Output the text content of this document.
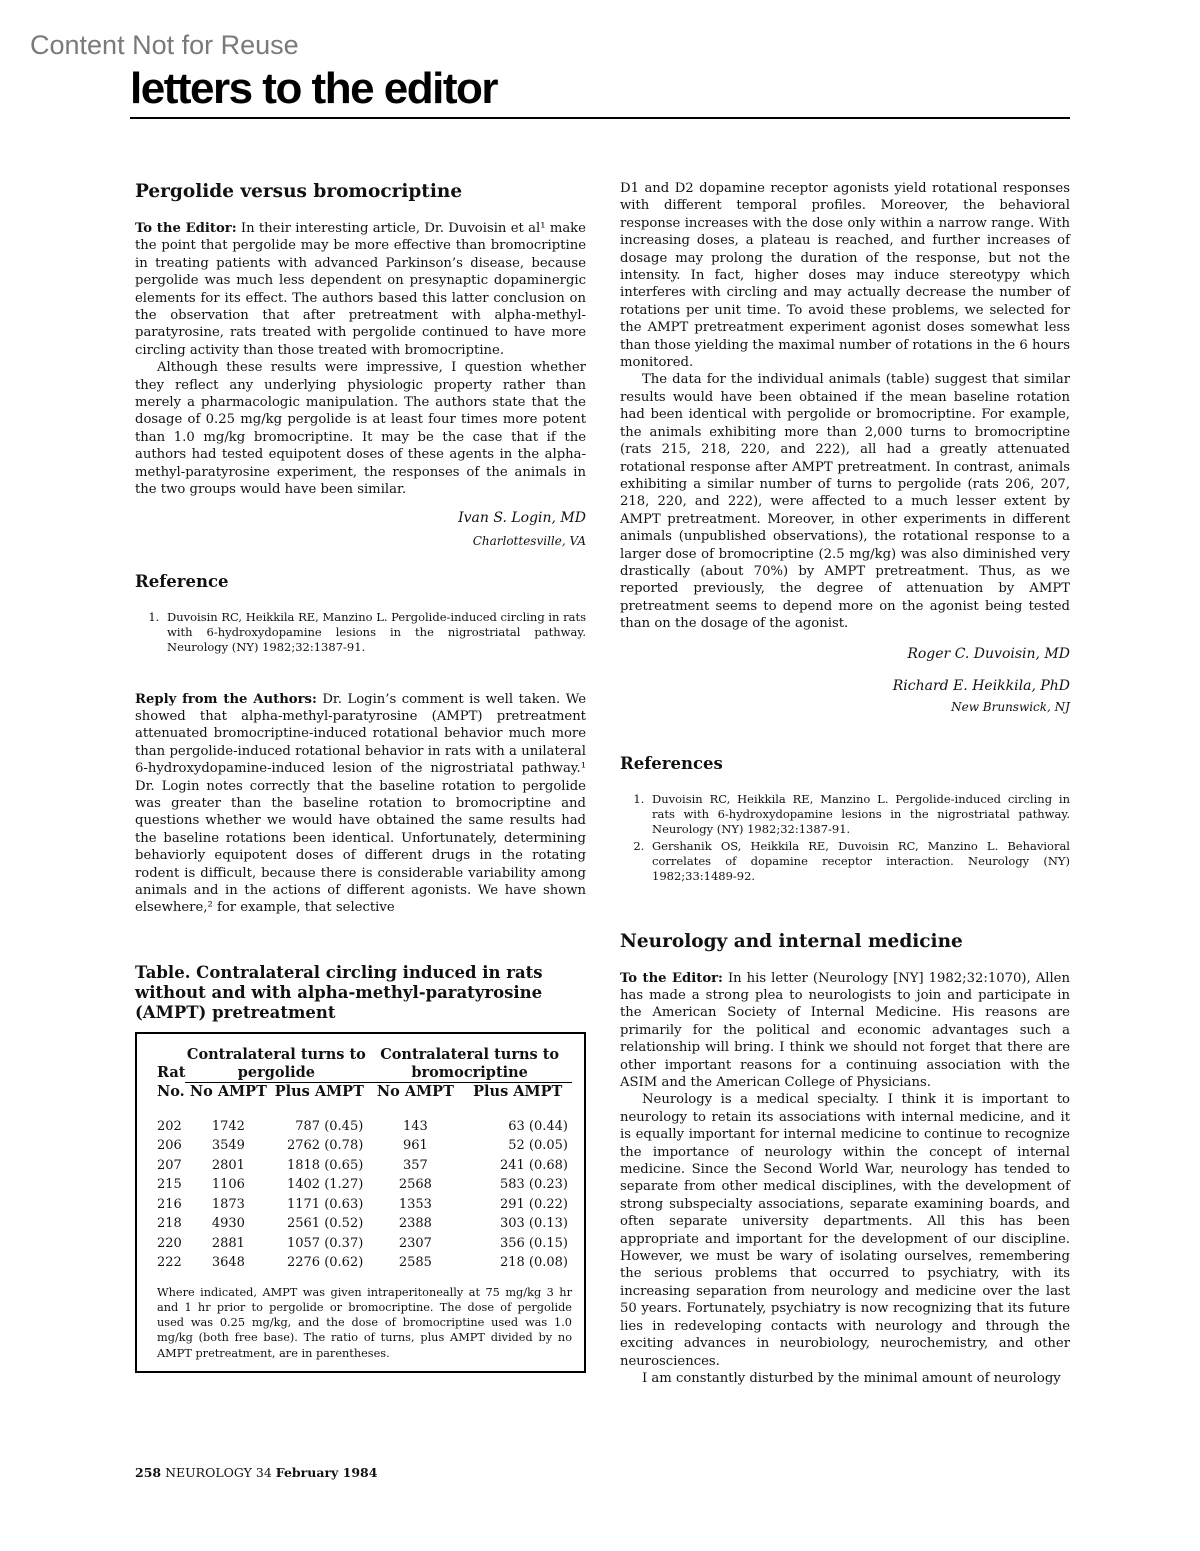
Content Not for Reuse
letters to the editor
Pergolide versus bromocriptine

To the Editor: In their interesting article, Dr. Duvoisin et al¹ make the point that pergolide may be more effective than bromocriptine in treating patients with advanced Parkinson’s disease, because pergolide was much less dependent on presynaptic dopaminergic elements for its effect. The authors based this latter conclusion on the observation that after pretreatment with alpha-methyl-paratyrosine, rats treated with pergolide continued to have more circling activity than those treated with bromocriptine.

Although these results were impressive, I question whether they reflect any underlying physiologic property rather than merely a pharmacologic manipulation. The authors state that the dosage of 0.25 mg/kg pergolide is at least four times more potent than 1.0 mg/kg bromocriptine. It may be the case that if the authors had tested equipotent doses of these agents in the alpha-methyl-paratyrosine experiment, the responses of the animals in the two groups would have been similar.

Ivan S. Login, MD

Charlottesville, VA

Reference
1. Duvoisin RC, Heikkila RE, Manzino L. Pergolide-induced circling in rats with 6-hydroxydopamine lesions in the nigrostriatal pathway. Neurology (NY) 1982;32:1387-91.

Reply from the Authors: Dr. Login’s comment is well taken. We showed that alpha-methyl-paratyrosine (AMPT) pretreatment attenuated bromocriptine-induced rotational behavior much more than pergolide-induced rotational behavior in rats with a unilateral 6-hydroxydopamine-induced lesion of the nigrostriatal pathway.¹ Dr. Login notes correctly that the baseline rotation to pergolide was greater than the baseline rotation to bromocriptine and questions whether we would have obtained the same results had the baseline rotations been identical. Unfortunately, determining behaviorly equipotent doses of different drugs in the rotating rodent is difficult, because there is considerable variability among animals and in the actions of different agonists. We have shown elsewhere,² for example, that selective

Table. Contralateral circling induced in rats without and with alpha-methyl-paratyrosine (AMPT) pretreatment
Rat	Contralateral turns to pergolide		Contralateral turns to bromocriptine	
No.	No AMPT	Plus AMPT	No AMPT	Plus AMPT

202	1742	787 (0.45)	143	63 (0.44)
206	3549	2762 (0.78)	961	52 (0.05)
207	2801	1818 (0.65)	357	241 (0.68)
215	1106	1402 (1.27)	2568	583 (0.23)
216	1873	1171 (0.63)	1353	291 (0.22)
218	4930	2561 (0.52)	2388	303 (0.13)
220	2881	1057 (0.37)	2307	356 (0.15)
222	3648	2276 (0.62)	2585	218 (0.08)

Where indicated, AMPT was given intraperitoneally at 75 mg/kg 3 hr and 1 hr prior to pergolide or bromocriptine. The dose of pergolide used was 0.25 mg/kg, and the dose of bromocriptine used was 1.0 mg/kg (both free base). The ratio of turns, plus AMPT divided by no AMPT pretreatment, are in parentheses.

D1 and D2 dopamine receptor agonists yield rotational responses with different temporal profiles. Moreover, the behavioral response increases with the dose only within a narrow range. With increasing doses, a plateau is reached, and further increases of dosage may prolong the duration of the response, but not the intensity. In fact, higher doses may induce stereotypy which interferes with circling and may actually decrease the number of rotations per unit time. To avoid these problems, we selected for the AMPT pretreatment experiment agonist doses somewhat less than those yielding the maximal number of rotations in the 6 hours monitored.

The data for the individual animals (table) suggest that similar results would have been obtained if the mean baseline rotation had been identical with pergolide or bromocriptine. For example, the animals exhibiting more than 2,000 turns to bromocriptine (rats 215, 218, 220, and 222), all had a greatly attenuated rotational response after AMPT pretreatment. In contrast, animals exhibiting a similar number of turns to pergolide (rats 206, 207, 218, 220, and 222), were affected to a much lesser extent by AMPT pretreatment. Moreover, in other experiments in different animals (unpublished observations), the rotational response to a larger dose of bromocriptine (2.5 mg/kg) was also diminished very drastically (about 70%) by AMPT pretreatment. Thus, as we reported previously, the degree of attenuation by AMPT pretreatment seems to depend more on the agonist being tested than on the dosage of the agonist.

Roger C. Duvoisin, MD

Richard E. Heikkila, PhD

New Brunswick, NJ

References
1. Duvoisin RC, Heikkila RE, Manzino L. Pergolide-induced circling in rats with 6-hydroxydopamine lesions in the nigrostriatal pathway. Neurology (NY) 1982;32:1387-91.
2. Gershanik OS, Heikkila RE, Duvoisin RC, Manzino L. Behavioral correlates of dopamine receptor interaction. Neurology (NY) 1982;33:1489-92.
Neurology and internal medicine

To the Editor: In his letter (Neurology [NY] 1982;32:1070), Allen has made a strong plea to neurologists to join and participate in the American Society of Internal Medicine. His reasons are primarily for the political and economic advantages such a relationship will bring. I think we should not forget that there are other important reasons for a continuing association with the ASIM and the American College of Physicians.

Neurology is a medical specialty. I think it is important to neurology to retain its associations with internal medicine, and it is equally important for internal medicine to continue to recognize the importance of neurology within the concept of internal medicine. Since the Second World War, neurology has tended to separate from other medical disciplines, with the development of strong subspecialty associations, separate examining boards, and often separate university departments. All this has been appropriate and important for the development of our discipline. However, we must be wary of isolating ourselves, remembering the serious problems that occurred to psychiatry, with its increasing separation from neurology and medicine over the last 50 years. Fortunately, psychiatry is now recognizing that its future lies in redeveloping contacts with neurology and through the exciting advances in neurobiology, neurochemistry, and other neurosciences.

I am constantly disturbed by the minimal amount of neurology

258 NEUROLOGY 34 February 1984
